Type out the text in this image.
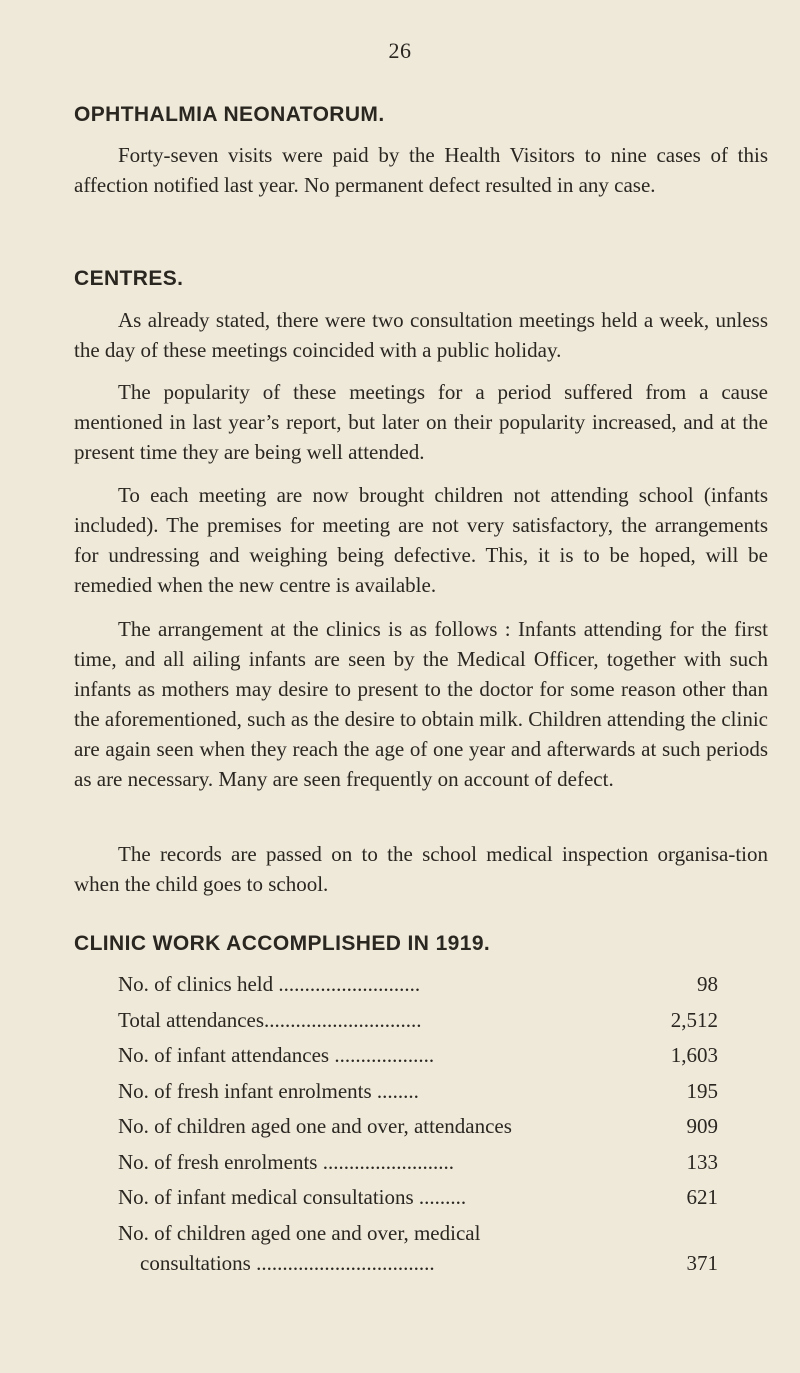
26
OPHTHALMIA NEONATORUM.
Forty-seven visits were paid by the Health Visitors to nine cases of this affection notified last year. No permanent defect resulted in any case.
CENTRES.
As already stated, there were two consultation meetings held a week, unless the day of these meetings coincided with a public holiday.
The popularity of these meetings for a period suffered from a cause mentioned in last year’s report, but later on their popularity increased, and at the present time they are being well attended.
To each meeting are now brought children not attending school (infants included). The premises for meeting are not very satisfactory, the arrangements for undressing and weighing being defective. This, it is to be hoped, will be remedied when the new centre is available.
The arrangement at the clinics is as follows : Infants attending for the first time, and all ailing infants are seen by the Medical Officer, together with such infants as mothers may desire to present to the doctor for some reason other than the aforementioned, such as the desire to obtain milk. Children attending the clinic are again seen when they reach the age of one year and afterwards at such periods as are necessary. Many are seen frequently on account of defect.
The records are passed on to the school medical inspection organisa-tion when the child goes to school.
CLINIC WORK ACCOMPLISHED IN 1919.
No. of clinics held ...........................	98
Total attendances..............................	2,512
No. of infant attendances ...................	1,603
No. of fresh infant enrolments ........	195
No. of children aged one and over, attendances	909
No. of fresh enrolments .........................	133
No. of infant medical consultations .........	621
No. of children aged one and over, medical
consultations ..................................	371
